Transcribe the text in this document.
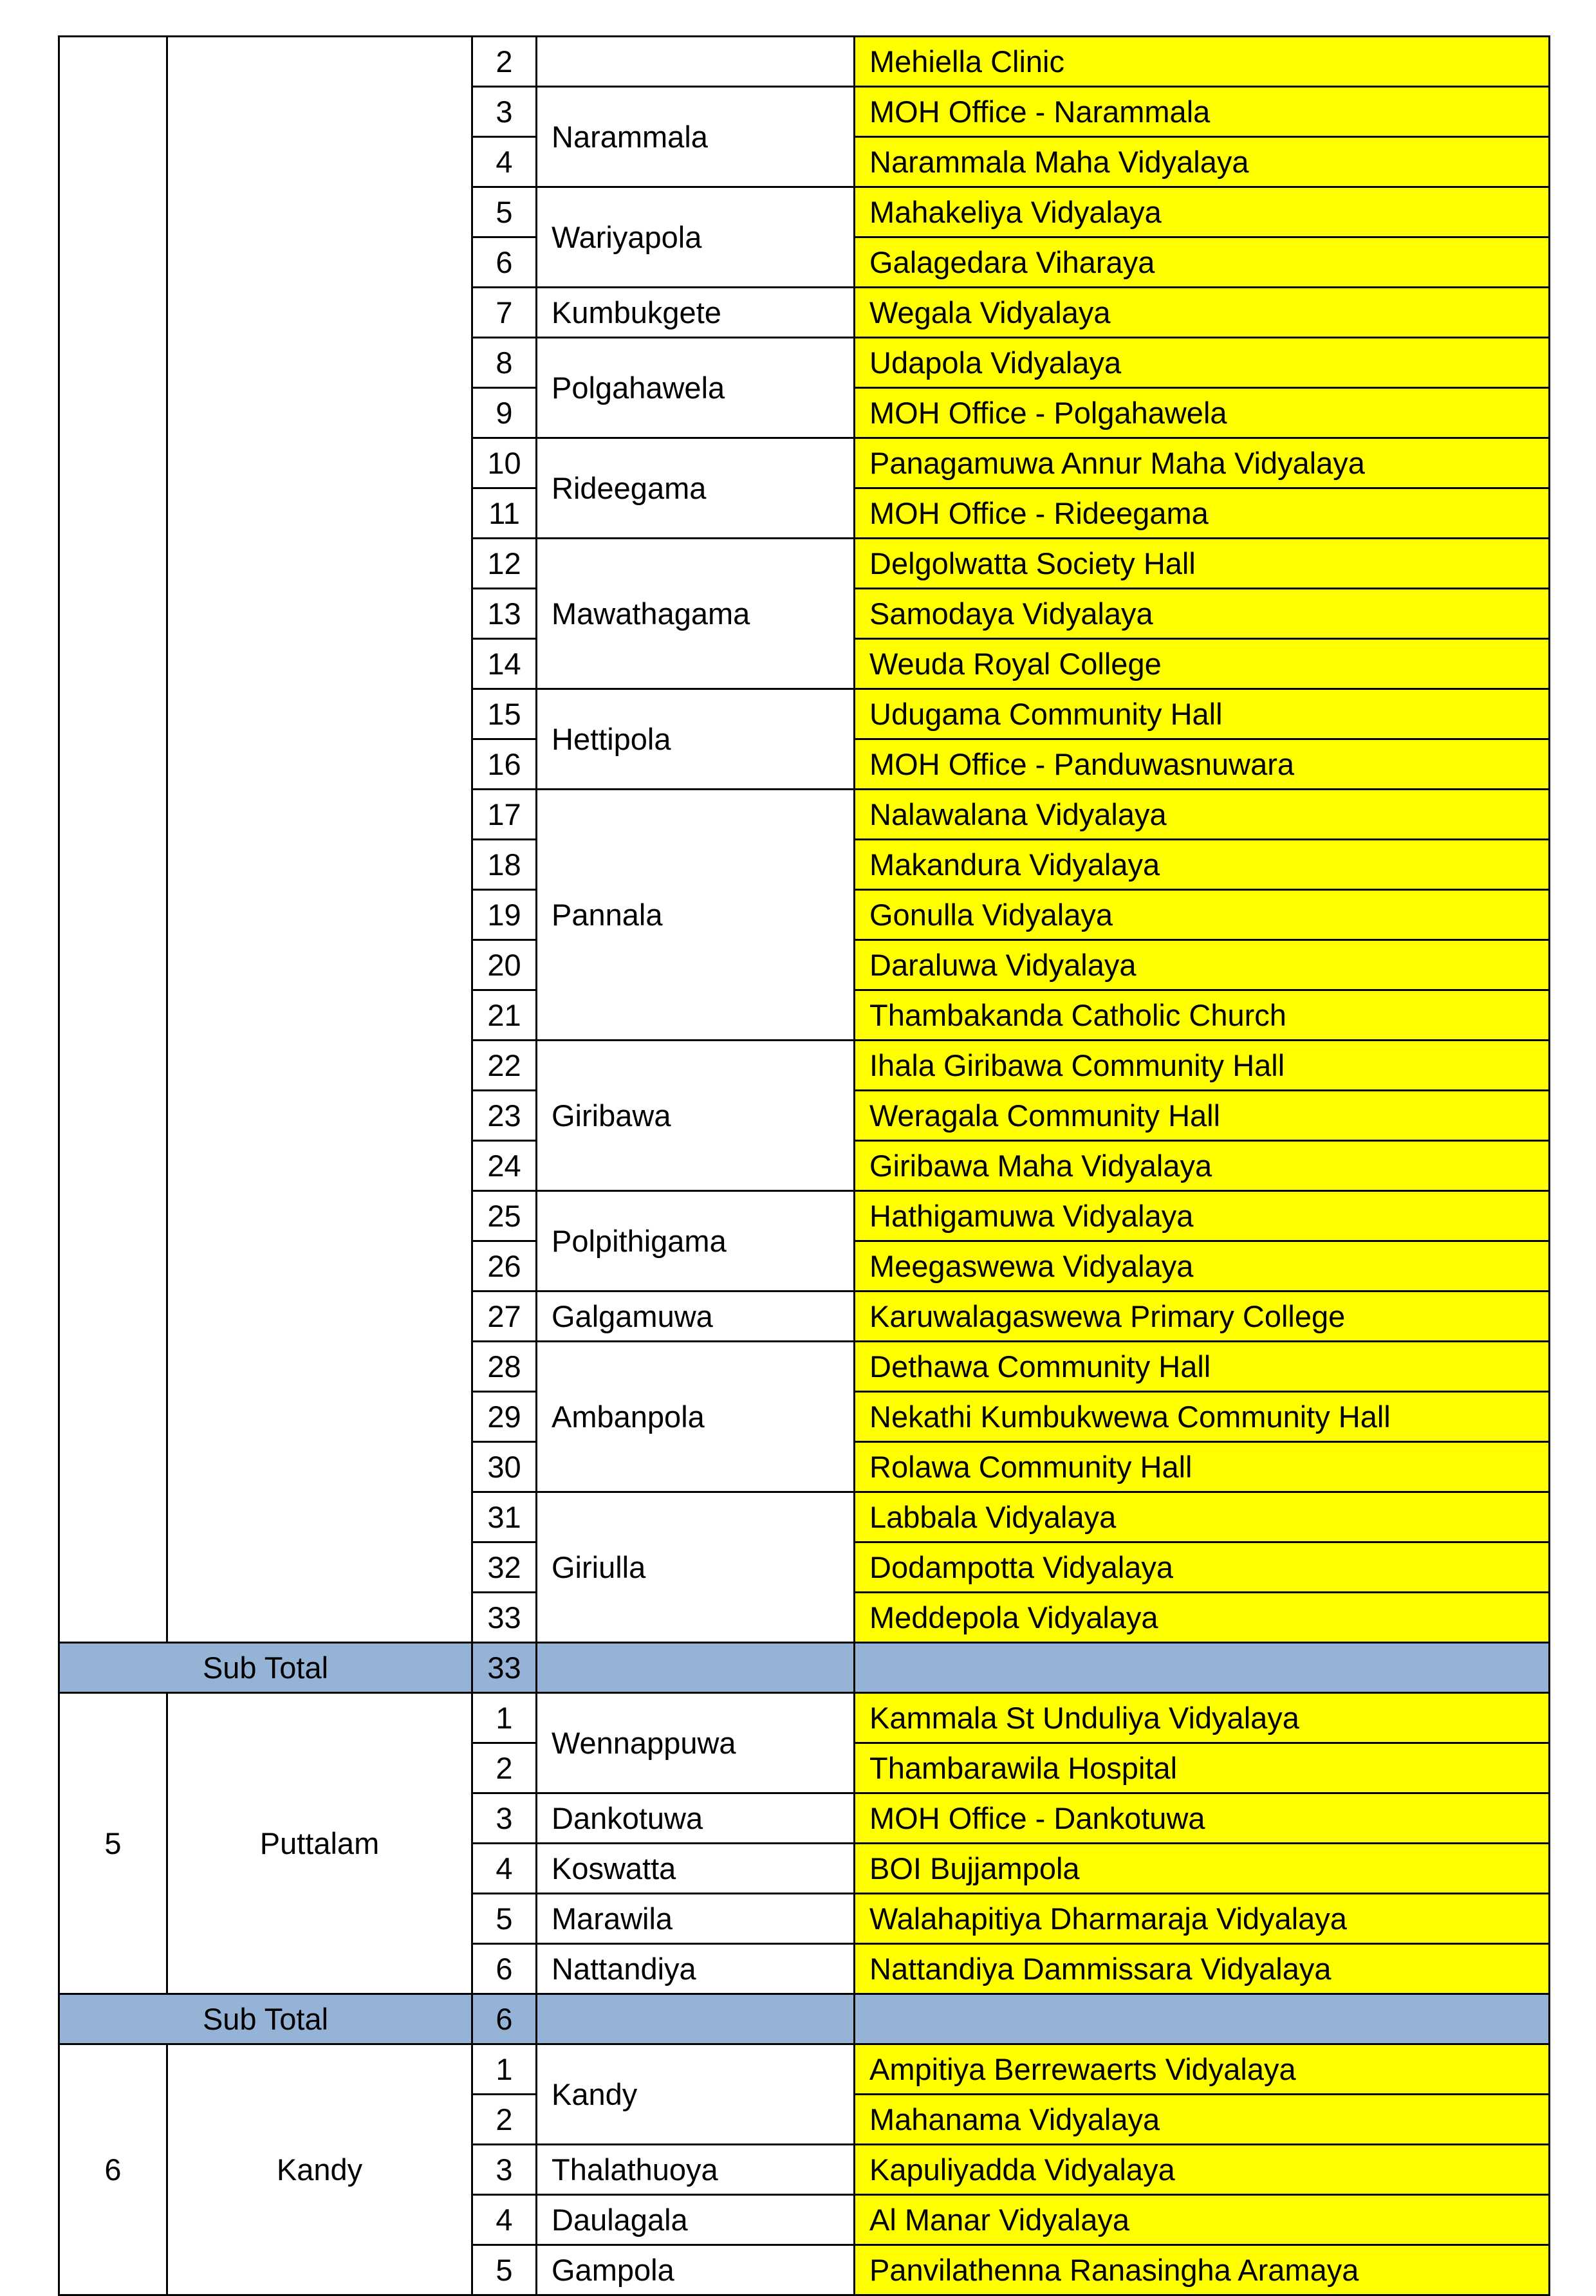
		2		Mehiella Clinic
		3	Narammala	MOH Office - Narammala
		4		Narammala Maha Vidyalaya
		5	Wariyapola	Mahakeliya Vidyalaya
		6		Galagedara Viharaya
		7	Kumbukgete	Wegala Vidyalaya
		8	Polgahawela	Udapola Vidyalaya
		9		MOH Office - Polgahawela
		10	Rideegama	Panagamuwa Annur Maha Vidyalaya
		11		MOH Office - Rideegama
		12	Mawathagama	Delgolwatta Society Hall
		13		Samodaya Vidyalaya
		14		Weuda Royal College
		15	Hettipola	Udugama Community Hall
		16		MOH Office - Panduwasnuwara
		17	Pannala	Nalawalana Vidyalaya
		18		Makandura Vidyalaya
		19		Gonulla Vidyalaya
		20		Daraluwa Vidyalaya
		21		Thambakanda Catholic Church
		22	Giribawa	Ihala Giribawa Community Hall
		23		Weragala Community Hall
		24		Giribawa Maha Vidyalaya
		25	Polpithigama	Hathigamuwa Vidyalaya
		26		Meegaswewa Vidyalaya
		27	Galgamuwa	Karuwalagaswewa Primary College
		28	Ambanpola	Dethawa Community Hall
		29		Nekathi Kumbukwewa Community Hall
		30		Rolawa Community Hall
		31	Giriulla	Labbala Vidyalaya
		32		Dodampotta Vidyalaya
		33		Meddepola Vidyalaya
Sub Total		33		
5	Puttalam	1	Wennappuwa	Kammala St Unduliya Vidyalaya
		2		Thambarawila Hospital
		3	Dankotuwa	MOH Office - Dankotuwa
		4	Koswatta	BOI Bujjampola
		5	Marawila	Walahapitiya Dharmaraja Vidyalaya
		6	Nattandiya	Nattandiya Dammissara Vidyalaya
Sub Total		6		
6	Kandy	1	Kandy	Ampitiya Berrewaerts Vidyalaya
		2		Mahanama Vidyalaya
		3	Thalathuoya	Kapuliyadda Vidyalaya
		4	Daulagala	Al Manar Vidyalaya
		5	Gampola	Panvilathenna Ranasingha Aramaya
